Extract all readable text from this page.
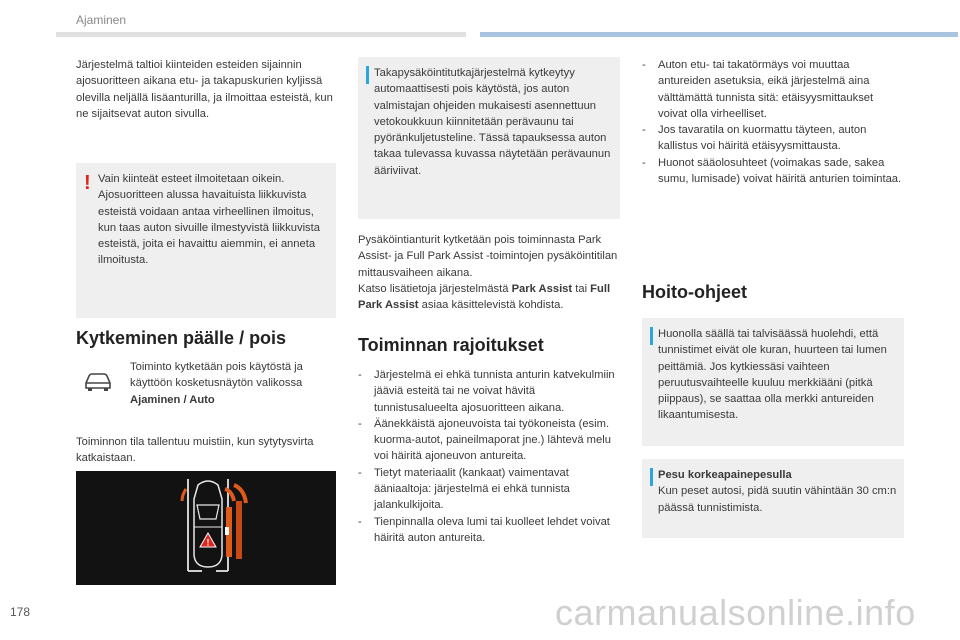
Ajaminen
Järjestelmä taltioi kiinteiden esteiden sijainnin ajosuoritteen aikana etu- ja takapuskurien kyljissä olevilla neljällä lisäanturilla, ja ilmoittaa esteistä, kun ne sijaitsevat auton sivulla.
! Vain kiinteät esteet ilmoitetaan oikein. Ajosuoritteen alussa havaituista liikkuvista esteistä voidaan antaa virheellinen ilmoitus, kun taas auton sivuille ilmestyvistä liikkuvista esteistä, joita ei havaittu aiemmin, ei anneta ilmoitusta.
Kytkeminen päälle / pois
Toiminto kytketään pois käytöstä ja käyttöön kosketusnäytön valikossa Ajaminen / Auto
Toiminnon tila tallentuu muistiin, kun sytytysvirta katkaistaan.
!
Takapysäköintitutkajärjestelmä kytkeytyy automaattisesti pois käytöstä, jos auton valmistajan ohjeiden mukaisesti asennettuun vetokoukkuun kiinnitetään perävaunu tai pyöränkuljetusteline. Tässä tapauksessa auton takaa tulevassa kuvassa näytetään perävaunun ääriviivat.
Pysäköintianturit kytketään pois toiminnasta Park Assist- ja Full Park Assist -toimintojen pysäköintitilan mittausvaiheen aikana.
Katso lisätietoja järjestelmästä Park Assist tai Full Park Assist asiaa käsittelevistä kohdista.
Toiminnan rajoitukset
- Järjestelmä ei ehkä tunnista anturin katvekulmiin jääviä esteitä tai ne voivat hävitä tunnistusalueelta ajosuoritteen aikana.
- Äänekkäistä ajoneuvoista tai työkoneista (esim. kuorma-autot, paineilmaporat jne.) lähtevä melu voi häiritä ajoneuvon antureita.
- Tietyt materiaalit (kankaat) vaimentavat ääniaaltoja: järjestelmä ei ehkä tunnista jalankulkijoita.
- Tienpinnalla oleva lumi tai kuolleet lehdet voivat häiritä auton antureita.
- Auton etu- tai takatörmäys voi muuttaa antureiden asetuksia, eikä järjestelmä aina välttämättä tunnista sitä: etäisyysmittaukset voivat olla virheelliset.
- Jos tavaratila on kuormattu täyteen, auton kallistus voi häiritä etäisyysmittausta.
- Huonot sääolosuhteet (voimakas sade, sakea sumu, lumisade) voivat häiritä anturien toimintaa.
Hoito-ohjeet
Huonolla säällä tai talvisäässä huolehdi, että tunnistimet eivät ole kuran, huurteen tai lumen peittämiä. Jos kytkiessäsi vaihteen peruutusvaihteelle kuuluu merkkiääni (pitkä piippaus), se saattaa olla merkki antureiden likaantumisesta.
Pesu korkeapainepesulla
Kun peset autosi, pidä suutin vähintään 30 cm:n päässä tunnistimista.
178	carmanualsonline.info
